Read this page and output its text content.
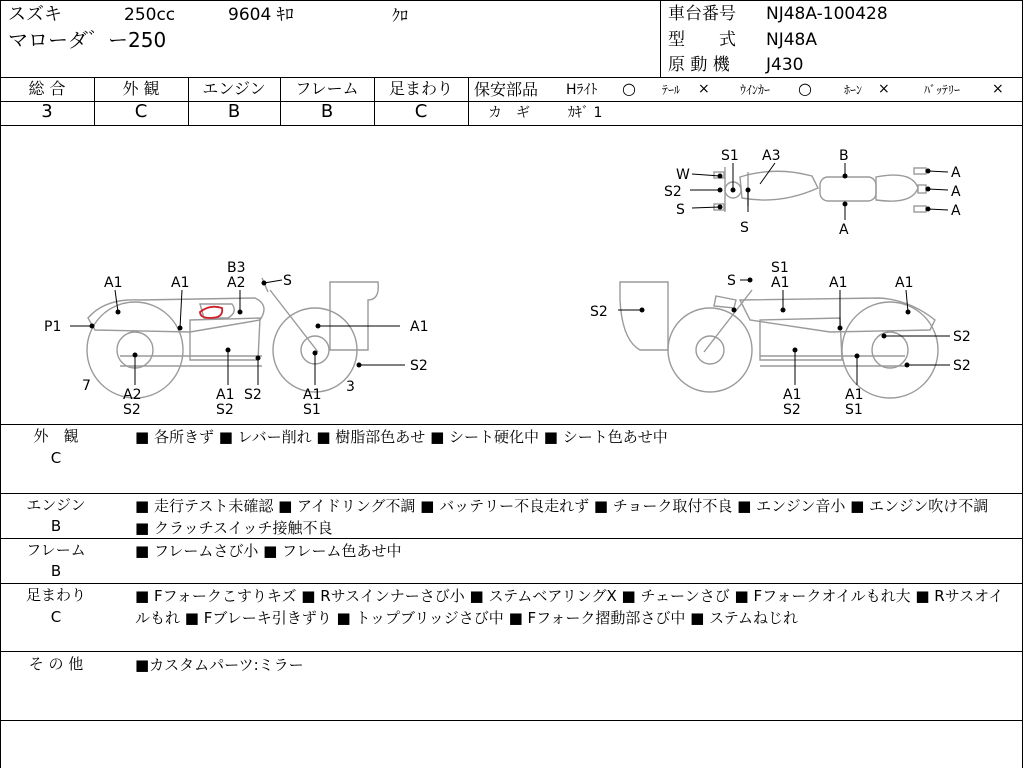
スズキ	250cc	9604 ｷﾛ	ｸﾛ
マローダ゛ー250
車台番号 NJ48A-100428
型　　式 NJ48A
原 動 機 J430
総 合
3
外 観
C
エンジン
B
フレーム
B
足まわり
C
保安部品 Hﾗｲﾄ ○ ﾃｰﾙ ×	ｳｲﾝｶｰ ○	ﾎｰﾝ ×	ﾊﾞｯﾃﾘｰ ×
カ　ギ	ｶｷﾞ 1
W
S2
S
S1
S
A3	B
A
A
A
A
B3
A2	S
A1	A1
P1	A1
7
A2
S2
A1
S2
S2	A1
S1
S2
3
S1
S	A1	A1	A1
S2
S2
S2
A1
S2
A1
S1
外　観
C
■ 各所きず ■ レバー削れ ■ 樹脂部色あせ ■ シート硬化中 ■ シート色あせ中
エンジン
B
■ 走行テスト未確認 ■ アイドリング不調 ■ バッテリー不良走れず ■ チョーク取付不良 ■ エンジン音小 ■ エンジン吹け不調 ■ クラッチスイッチ接触不良
フレーム
B
■ フレームさび小 ■ フレーム色あせ中
足まわり
C
■ Fフォークこすりキズ ■ Rサスインナーさび小 ■ ステムベアリングX ■ チェーンさび ■ Fフォークオイルもれ大 ■ Rサスオイルもれ ■ Fブレーキ引きずり ■ トップブリッジさび中 ■ Fフォーク摺動部さび中 ■ ステムねじれ
そ の 他	■カスタムパーツ:ミラー
